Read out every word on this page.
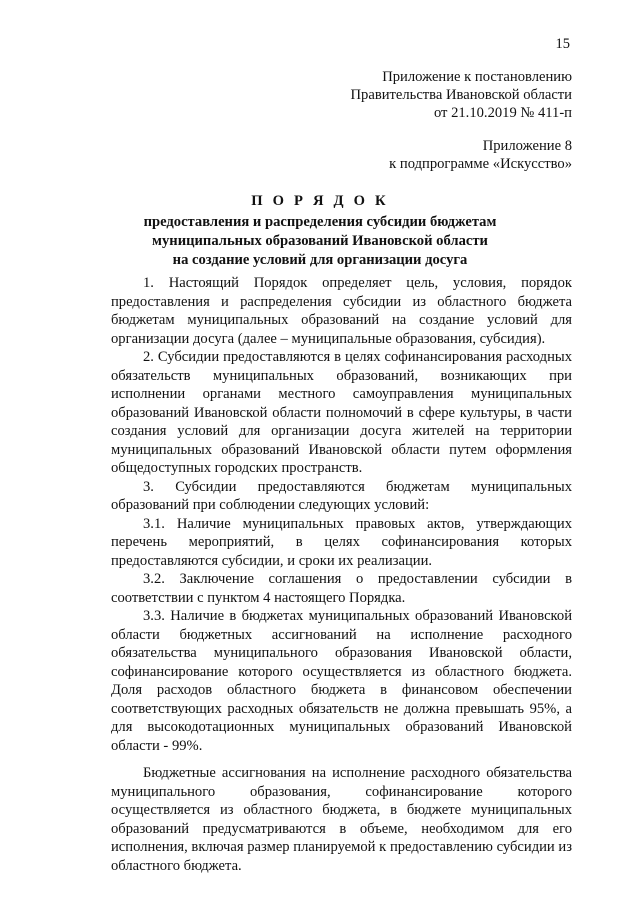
15
Приложение к постановлению
Правительства Ивановской области
от 21.10.2019 № 411-п
Приложение 8
к подпрограмме «Искусство»
П О Р Я Д О К
предоставления и распределения субсидии бюджетам
муниципальных образований Ивановской области
на создание условий для организации досуга

1. Настоящий Порядок определяет цель, условия, порядок предоставления и распределения субсидии из областного бюджета бюджетам муниципальных образований на создание условий для организации досуга (далее – муниципальные образования, субсидия).

2. Субсидии предоставляются в целях софинансирования расходных обязательств муниципальных образований, возникающих при исполнении органами местного самоуправления муниципальных образований Ивановской области полномочий в сфере культуры, в части создания условий для организации досуга жителей на территории муниципальных образований Ивановской области путем оформления общедоступных городских пространств.

3. Субсидии предоставляются бюджетам муниципальных образований при соблюдении следующих условий:

3.1. Наличие муниципальных правовых актов, утверждающих перечень мероприятий, в целях софинансирования которых предоставляются субсидии, и сроки их реализации.

3.2. Заключение соглашения о предоставлении субсидии в соответствии с пунктом 4 настоящего Порядка.

3.3. Наличие в бюджетах муниципальных образований Ивановской области бюджетных ассигнований на исполнение расходного обязательства муниципального образования Ивановской области, софинансирование которого осуществляется из областного бюджета. Доля расходов областного бюджета в финансовом обеспечении соответствующих расходных обязательств не должна превышать 95%, а для высокодотационных муниципальных образований Ивановской области - 99%.

Бюджетные ассигнования на исполнение расходного обязательства муниципального образования, софинансирование которого осуществляется из областного бюджета, в бюджете муниципальных образований предусматриваются в объеме, необходимом для его исполнения, включая размер планируемой к предоставлению субсидии из областного бюджета.
